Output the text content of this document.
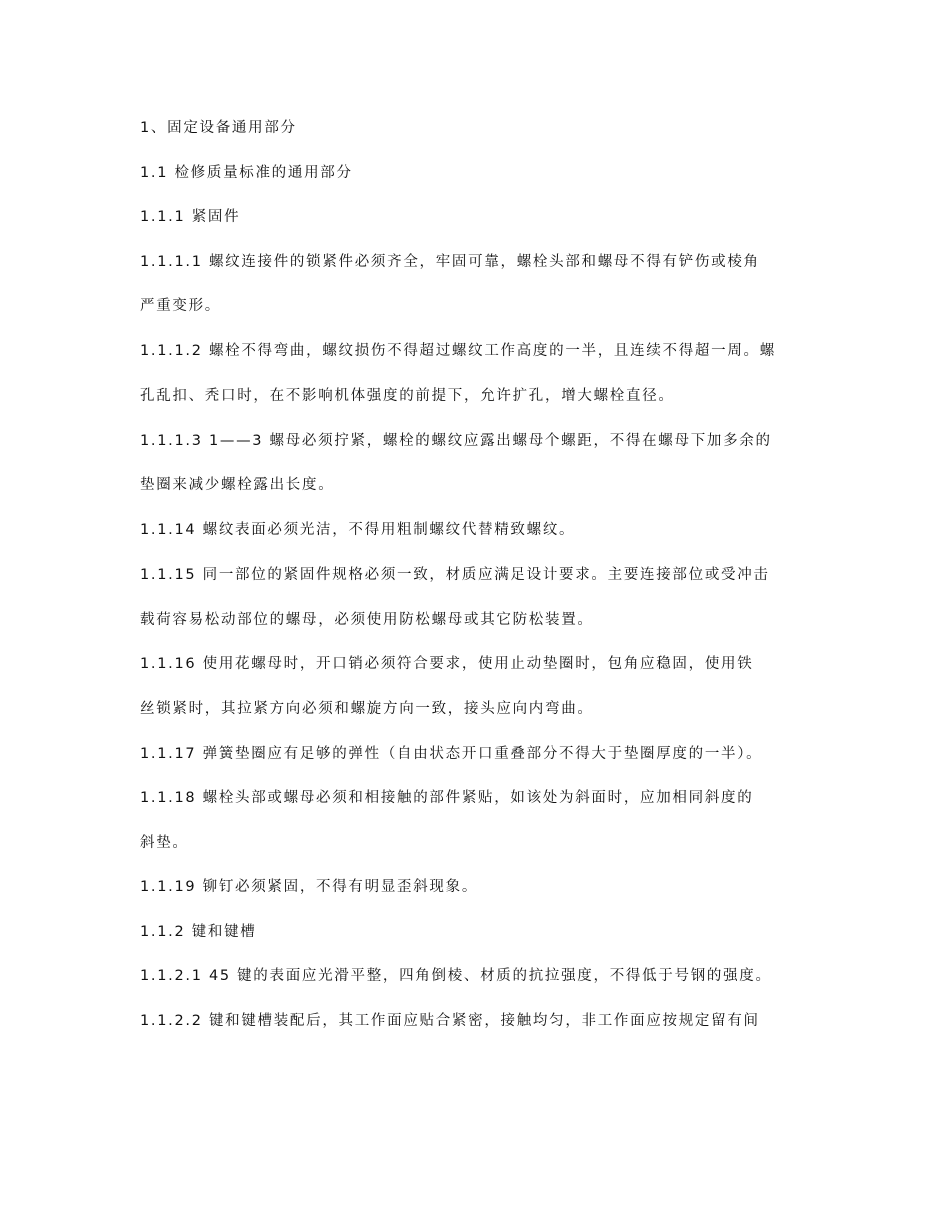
1、固定设备通用部分
1.1 检修质量标准的通用部分
1.1.1 紧固件
1.1.1.1 螺纹连接件的锁紧件必须齐全，牢固可靠，螺栓头部和螺母不得有铲伤或棱角
严重变形。
1.1.1.2 螺栓不得弯曲，螺纹损伤不得超过螺纹工作高度的一半，且连续不得超一周。螺
孔乱扣、秃口时，在不影响机体强度的前提下，允许扩孔，增大螺栓直径。
1.1.1.3 1——3 螺母必须拧紧，螺栓的螺纹应露出螺母个螺距，不得在螺母下加多余的
垫圈来减少螺栓露出长度。
1.1.14 螺纹表面必须光洁，不得用粗制螺纹代替精致螺纹。
1.1.15 同一部位的紧固件规格必须一致，材质应满足设计要求。主要连接部位或受冲击
载荷容易松动部位的螺母，必须使用防松螺母或其它防松装置。
1.1.16 使用花螺母时，开口销必须符合要求，使用止动垫圈时，包角应稳固，使用铁
丝锁紧时，其拉紧方向必须和螺旋方向一致，接头应向内弯曲。
1.1.17 弹簧垫圈应有足够的弹性（自由状态开口重叠部分不得大于垫圈厚度的一半）。
1.1.18 螺栓头部或螺母必须和相接触的部件紧贴，如该处为斜面时，应加相同斜度的
斜垫。
1.1.19 铆钉必须紧固，不得有明显歪斜现象。
1.1.2 键和键槽
1.1.2.1 45 键的表面应光滑平整，四角倒棱、材质的抗拉强度，不得低于号钢的强度。
1.1.2.2 键和键槽装配后，其工作面应贴合紧密，接触均匀，非工作面应按规定留有间
